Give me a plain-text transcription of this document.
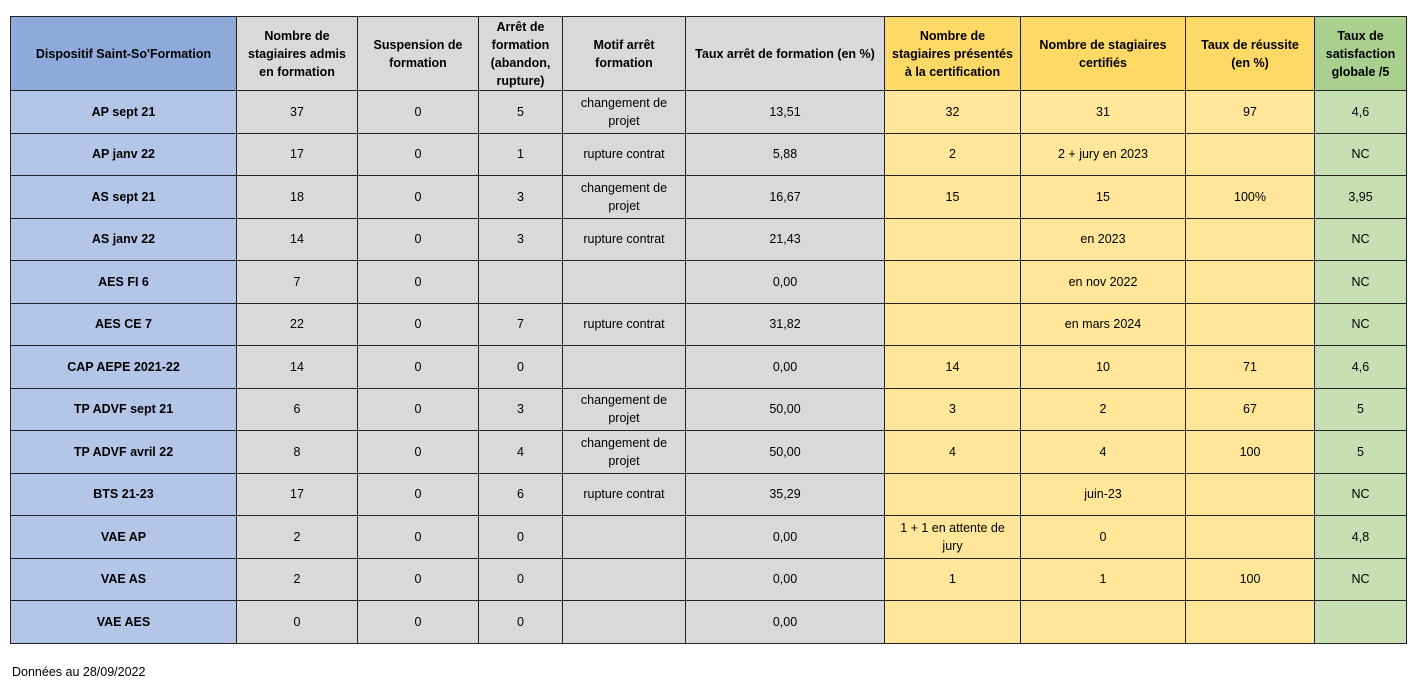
Dispositif Saint-So'Formation	Nombre de stagiaires admis en formation	Suspension de formation	Arrêt de formation (abandon, rupture)	Motif arrêt formation	Taux arrêt de formation (en %)	Nombre de stagiaires présentés à la certification	Nombre de stagiaires certifiés	Taux de réussite (en %)	Taux de satisfaction globale /5
AP sept 21	37	0	5	changement de projet	13,51	32	31	97	4,6
AP janv 22	17	0	1	rupture contrat	5,88	2	2 + jury en 2023		NC
AS sept 21	18	0	3	changement de projet	16,67	15	15	100%	3,95
AS janv 22	14	0	3	rupture contrat	21,43		en 2023		NC
AES FI 6	7	0			0,00		en nov 2022		NC
AES CE 7	22	0	7	rupture contrat	31,82		en mars 2024		NC
CAP AEPE 2021-22	14	0	0		0,00	14	10	71	4,6
TP ADVF sept 21	6	0	3	changement de projet	50,00	3	2	67	5
TP ADVF avril 22	8	0	4	changement de projet	50,00	4	4	100	5
BTS 21-23	17	0	6	rupture contrat	35,29		juin-23		NC
VAE AP	2	0	0		0,00	1 + 1 en attente de jury	0		4,8
VAE AS	2	0	0		0,00	1	1	100	NC
VAE AES	0	0	0		0,00				
Données au 28/09/2022
